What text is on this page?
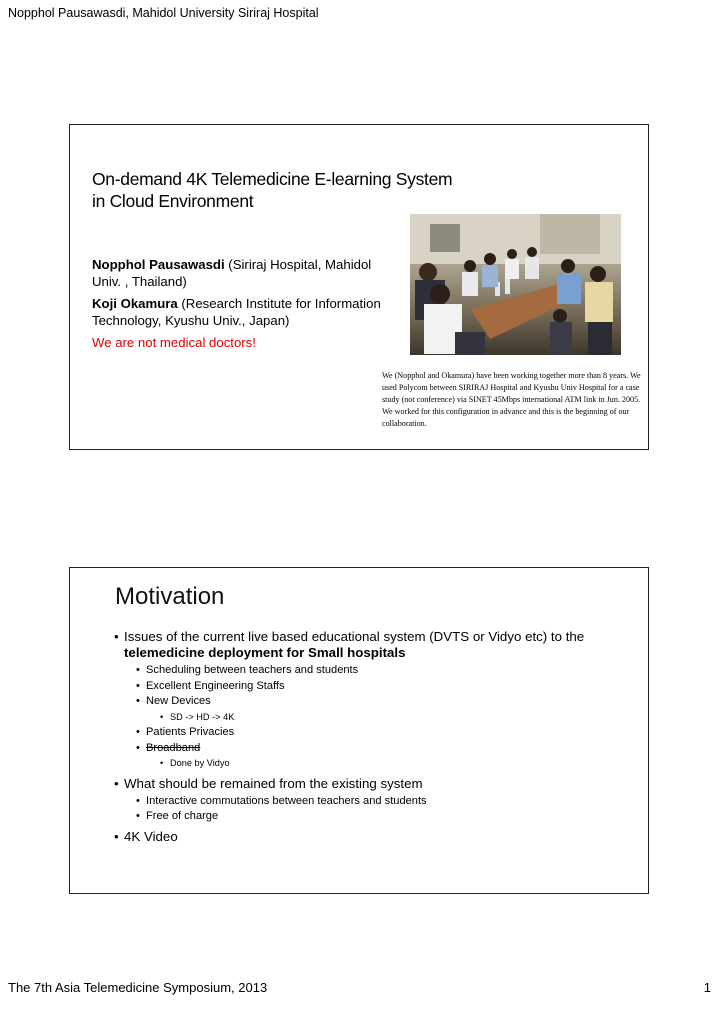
Nopphol Pausawasdi, Mahidol University Siriraj Hospital
On-demand 4K Telemedicine E-learning System
in Cloud Environment

Nopphol Pausawasdi (Siriraj Hospital, Mahidol Univ. , Thailand)

Koji Okamura (Research Institute for Information Technology, Kyushu Univ., Japan)

We are not medical doctors!

We (Nopphol and Okamura) have been working together more than 8 years. We used Polycom between SIRIRAJ Hospital and Kyushu Univ Hospital for a case study (not conference) via SINET 45Mbps international ATM link in Jun. 2005. We worked for this configuration in advance and this is the beginning of our collaboration.
Motivation
• Issues of the current live based educational system (DVTS or Vidyo etc) to the telemedicine deployment for Small hospitals
• Scheduling between teachers and students
• Excellent Engineering Staffs
• New Devices
• SD -> HD -> 4K
• Patients Privacies
• Broadband
• Done by Vidyo
• What should be remained from the existing system
• Interactive commutations between teachers and students
• Free of charge
• 4K Video
The 7th Asia Telemedicine Symposium, 2013	1
